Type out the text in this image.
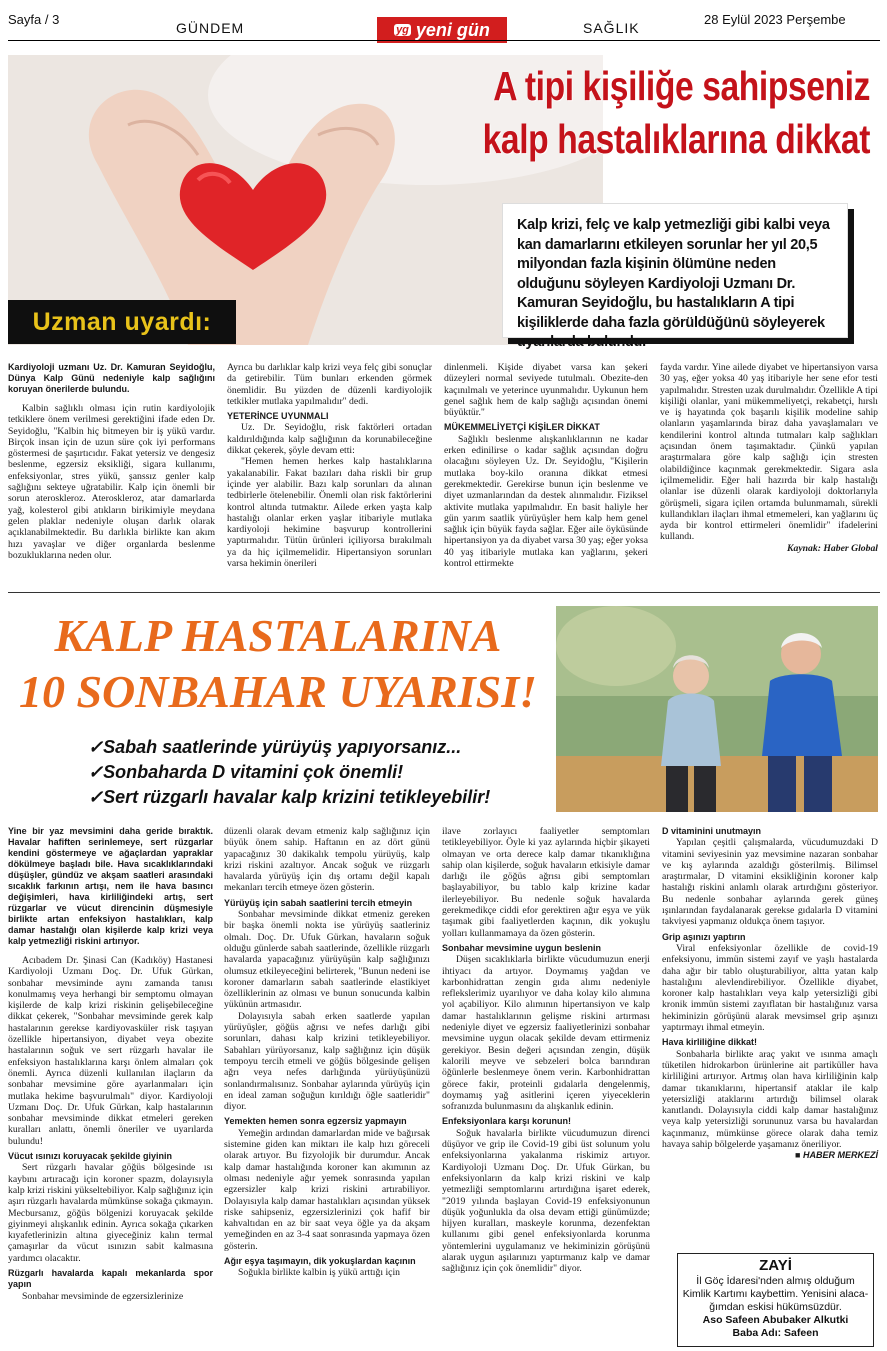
Sayfa / 3
GÜNDEM	yg yeni gün	SAĞLIK
28 Eylül 2023 Perşembe
A tipi kişiliğe sahipseniz
kalp hastalıklarına dikkat
Kalp krizi, felç ve kalp yetmezliği gibi kalbi veya kan damarlarını etkileyen sorunlar her yıl 20,5 milyondan fazla kişinin ölümüne neden olduğunu söyleyen Kardiyoloji Uzmanı Dr. Kamuran Seyidoğlu, bu hastalıkların A tipi kişiliklerde daha fazla görüldüğünü söyleyerek uyarılarda bulundu.
Uzman uyardı:

Kardiyoloji uzmanı Uz. Dr. Kamuran Seyidoğlu, Dünya Kalp Günü nedeniyle kalp sağlığını koruyan önerilerde bulundu.

Kalbin sağlıklı olması için rutin kardiyolojik tetkiklere önem verilmesi gerektiğini ifade eden Dr. Seyidoğlu, "Kalbin hiç bitmeyen bir iş yükü vardır. Birçok insan için de uzun süre çok iyi performans göstermesi de şaşırtıcıdır. Fakat yetersiz ve dengesiz beslenme, egzersiz eksikliği, sigara kullanımı, enfeksiyonlar, stres yükü, şanssız genler kalp sağlığını sekteye uğratabilir. Kalp için önemli bir sorun ateroskleroz. Ateroskleroz, atar damarlarda yağ, kolesterol gibi atıkların birikimiyle meydana gelen plaklar nedeniyle oluşan darlık olarak açıklanabilmektedir. Bu darlıkla birlikte kan akım hızı yavaşlar ve diğer organlarda beslenme bozukluklarına neden olur.

Ayrıca bu darlıklar kalp krizi veya felç gibi sonuçlar da getirebilir. Tüm bunları erkenden görmek önemlidir. Bu yüzden de düzenli kardiyolojik tetkikler mutlaka yapılmalıdır" dedi.

YETERİNCE UYUNMALI

Uz. Dr. Seyidoğlu, risk faktörleri ortadan kaldırıldığında kalp sağlığının da korunabileceğine dikkat çekerek, şöyle devam etti:

"Hemen hemen herkes kalp hastalıklarına yakalanabilir. Fakat bazıları daha riskli bir grup içinde yer alabilir. Bazı kalp sorunları da alınan tedbirlerle ötelenebilir. Önemli olan risk faktörlerini kontrol altında tutmaktır. Ailede erken yaşta kalp hastalığı olanlar erken yaşlar itibariyle mutlaka kardiyoloji hekimine başvurup kontrollerini yaptırmalıdır. Tütün ürünleri içiliyorsa bırakılmalı ya da hiç içilmemelidir. Hipertansiyon sorunları varsa hekimin önerileri

dinlenmeli. Kişide diyabet varsa kan şekeri düzeyleri normal seviyede tutulmalı. Obezite-den kaçınılmalı ve yeterince uyunmalıdır. Uykunun hem genel sağlık hem de kalp sağlığı açısından önemi büyüktür."

MÜKEMMELİYETÇİ KİŞİLER DİKKAT

Sağlıklı beslenme alışkanlıklarının ne kadar erken edinilirse o kadar sağlık açısından doğru olacağını söyleyen Uz. Dr. Seyidoğlu, "Kişilerin mutlaka boy-kilo oranına dikkat etmesi gerekmektedir. Gerekirse bunun için beslenme ve diyet uzmanlarından da destek alınmalıdır. Fiziksel aktivite mutlaka yapılmalıdır. En basit haliyle her gün yarım saatlik yürüyüşler hem kalp hem genel sağlık için büyük fayda sağlar. Eğer aile öyküsünde hipertansiyon ya da diyabet varsa 30 yaş; eğer yoksa 40 yaş itibariyle mutlaka kan yağlarını, şekeri kontrol ettirmekte

fayda vardır. Yine ailede diyabet ve hipertansiyon varsa 30 yaş, eğer yoksa 40 yaş itibariyle her sene efor testi yapılmalıdır. Stresten uzak durulmalıdır. Özellikle A tipi kişiliği olanlar, yani mükemmeliyetçi, rekabetçi, hırslı ve iş hayatında çok başarılı kişilik modeline sahip olanların yaşamlarında biraz daha yavaşlamaları ve kendilerini kontrol altında tutmaları kalp sağlıkları açısından önem taşımaktadır. Çünkü yapılan araştırmalara göre kalp sağlığı için stresten olabildiğince kaçınmak gerekmektedir. Sigara asla içilmemelidir. Eğer hali hazırda bir kalp hastalığı olanlar ise düzenli olarak kardiyoloji doktorlarıyla görüşmeli, sigara içilen ortamda bulunmamalı, sürekli kullandıkları ilaçları ihmal etmemeleri, kan yağlarını üç ayda bir kontrol ettirmeleri önemlidir" ifadelerini kullandı.

Kaynak: Haber Global

KALP HASTALARINA
10 SONBAHAR UYARISI!
✓Sabah saatlerinde yürüyüş yapıyorsanız...
✓Sonbaharda D vitamini çok önemli!
✓Sert rüzgarlı havalar kalp krizini tetikleyebilir!

Yine bir yaz mevsimini daha geride bıraktık. Havalar hafiften serinlemeye, sert rüzgarlar kendini göstermeye ve ağaçlardan yapraklar dökülmeye başladı bile. Hava sıcaklıklarındaki düşüşler, gündüz ve akşam saatleri arasındaki sıcaklık farkının artışı, nem ile hava basıncı değişimleri, hava kirliliğindeki artış, sert rüzgarlar ve vücut direncinin düşmesiyle birlikte artan enfeksiyon hastalıkları, kalp damar hastalığı olan kişilerde kalp krizi veya kalp yetmezliği riskini artırıyor.

Acıbadem Dr. Şinasi Can (Kadıköy) Hastanesi Kardiyoloji Uzmanı Doç. Dr. Ufuk Gürkan, sonbahar mevsiminde aynı zamanda tanısı konulmamış veya herhangi bir semptomu olmayan kişilerde de kalp krizi riskinin gelişebileceğine dikkat çekerek, "Sonbahar mevsiminde gerek kalp hastalarının gerekse kardiyovasküler risk taşıyan özellikle hipertansiyon, diyabet veya obezite hastalarının soğuk ve sert rüzgarlı havalar ile enfeksiyon hastalıklarına karşı önlem almaları çok önemli. Ayrıca düzenli kullanılan ilaçların da sonbahar mevsimine göre ayarlanmaları için mutlaka hekime başvurulmalı" diyor. Kardiyoloji Uzmanı Doç. Dr. Ufuk Gürkan, kalp hastalarının sonbahar mevsiminde dikkat etmeleri gereken kuralları anlattı, önemli öneriler ve uyarılarda bulundu!

Vücut ısınızı koruyacak şekilde giyinin

Sert rüzgarlı havalar göğüs bölgesinde ısı kaybını artıracağı için koroner spazm, dolayısıyla kalp krizi riskini yükseltebiliyor. Kalp sağlığınız için aşırı rüzgarlı havalarda mümkünse sokağa çıkmayın. Mecbursanız, göğüs bölgenizi koruyacak şekilde giyinmeyi alışkanlık edinin. Ayrıca sokağa çıkarken kıyafetlerinizin altına giyeceğiniz kalın termal çamaşırlar da vücut ısınızın sabit kalmasına yardımcı olacaktır.

Rüzgarlı havalarda kapalı mekanlarda spor yapın

Sonbahar mevsiminde de egzersizlerinize

düzenli olarak devam etmeniz kalp sağlığınız için büyük önem sahip. Haftanın en az dört günü yapacağınız 30 dakikalık tempolu yürüyüş, kalp krizi riskini azaltıyor. Ancak soğuk ve rüzgarlı havalarda yürüyüş için dış ortamı değil kapalı mekanları tercih etmeye özen gösterin.

Yürüyüş için sabah saatlerini tercih etmeyin

Sonbahar mevsiminde dikkat etmeniz gereken bir başka önemli nokta ise yürüyüş saatleriniz olmalı. Doç. Dr. Ufuk Gürkan, havaların soğuk olduğu günlerde sabah saatlerinde, özellikle rüzgarlı havalarda yapacağınız yürüyüşün kalp sağlığınızı olumsuz etkileyeceğini belirterek, "Bunun nedeni ise koroner damarların sabah saatlerinde elastikiyet özelliklerinin az olması ve bunun sonucunda kalbin yükünün artmasıdır.

Dolayısıyla sabah erken saatlerde yapılan yürüyüşler, göğüs ağrısı ve nefes darlığı gibi sorunları, dahası kalp krizini tetikleyebiliyor. Sabahları yürüyorsanız, kalp sağlığınız için düşük tempoyu tercih etmeli ve göğüs bölgesinde gelişen ağrı veya nefes darlığında yürüyüşünüzü sonlandırmalısınız. Sonbahar aylarında yürüyüş için en ideal zaman soğuğun kırıldığı öğle saatleridir" diyor.

Yemekten hemen sonra egzersiz yapmayın

Yemeğin ardından damarlardan mide ve bağırsak sistemine giden kan miktarı ile kalp hızı göreceli olarak artıyor. Bu fizyolojik bir durumdur. Ancak kalp damar hastalığında koroner kan akımının az olması nedeniyle ağır yemek sonrasında yapılan egzersizler kalp krizi riskini artırabiliyor. Dolayısıyla kalp damar hastalıkları açısından yüksek riske sahipseniz, egzersizlerinizi çok hafif bir kahvaltıdan en az bir saat veya öğle ya da akşam yemeğinden en az 3-4 saat sonrasında yapmaya özen gösterin.

Ağır eşya taşımayın, dik yokuşlardan kaçının

Soğukla birlikte kalbin iş yükü arttığı için

ilave zorlayıcı faaliyetler semptomları tetikleyebiliyor. Öyle ki yaz aylarında hiçbir şikayeti olmayan ve orta derece kalp damar tıkanıklığına sahip olan kişilerde, soğuk havaların etkisiyle damar darlığı ile göğüs ağrısı gibi semptomları başlayabiliyor, bu tablo kalp krizine kadar ilerleyebiliyor. Bu nedenle soğuk havalarda gerekmedikçe ciddi efor gerektiren ağır eşya ve yük taşımak gibi faaliyetlerden kaçının, dik yokuşlu yolları kullanmamaya da özen gösterin.

Sonbahar mevsimine uygun beslenin

Düşen sıcaklıklarla birlikte vücudumuzun enerji ihtiyacı da artıyor. Doymamış yağdan ve karbonhidrattan zengin gıda alımı nedeniyle reflekslerimiz uyarılıyor ve daha kolay kilo alımına yol açabiliyor. Kilo alımının hipertansiyon ve kalp damar hastalıklarının gelişme riskini artırması nedeniyle diyet ve egzersiz faaliyetlerinizi sonbahar mevsimine uygun olacak şekilde devam ettirmeniz gerekiyor. Besin değeri açısından zengin, düşük kalorili meyve ve sebzeleri bolca barındıran öğünlerle beslenmeye önem verin. Karbonhidrattan görece fakir, proteinli gıdalarla dengelenmiş, doymamış yağ asitlerini içeren yiyeceklerin sofranızda bulunmasını da alışkanlık edinin.

Enfeksiyonlara karşı korunun!

Soğuk havalarla birlikte vücudumuzun direnci düşüyor ve grip ile Covid-19 gibi üst solunum yolu enfeksiyonlarına yakalanma riskimiz artıyor. Kardiyoloji Uzmanı Doç. Dr. Ufuk Gürkan, bu enfeksiyonların da kalp krizi riskini ve kalp yetmezliği semptomlarını artırdığına işaret ederek, "2019 yılında başlayan Covid-19 enfeksiyonunun düşük yoğunlukla da olsa devam ettiği günümüzde; hijyen kuralları, maskeyle korunma, dezenfektan kullanımı gibi genel enfeksiyonlarda korunma yöntemlerini uygulamanız ve hekiminizin görüşünü alarak uygun aşılarınızı yaptırmanız kalp ve damar sağlığınız için çok önemlidir" diyor.

D vitaminini unutmayın

Yapılan çeşitli çalışmalarda, vücudumuzdaki D vitamini seviyesinin yaz mevsimine nazaran sonbahar ve kış aylarında azaldığı gösterilmiş. Bilimsel araştırmalar, D vitamini eksikliğinin koroner kalp hastalığı riskini anlamlı olarak artırdığını gösteriyor. Bu nedenle sonbahar aylarında gerek güneş ışınlarından faydalanarak gerekse gıdalarla D vitamini takviyesi yapmanız oldukça önem taşıyor.

Grip aşınızı yaptırın

Viral enfeksiyonlar özellikle de covid-19 enfeksiyonu, immün sistemi zayıf ve yaşlı hastalarda daha ağır bir tablo oluşturabiliyor, altta yatan kalp hastalığını alevlendirebiliyor. Özellikle diyabet, koroner kalp hastalıkları veya kalp yetersizliği gibi kronik immün sistemi zayıflatan bir hastalığınız varsa hekiminizin görüşünü alarak mevsimsel grip aşınızı yaptırmayı ihmal etmeyin.

Hava kirliliğine dikkat!

Sonbaharla birlikte araç yakıt ve ısınma amaçlı tüketilen hidrokarbon ürünlerine ait partiküller hava kirliliğini artırıyor. Artmış olan hava kirliliğinin kalp damar tıkanıklarını, hipertansif ataklar ile kalp yetersizliği ataklarını artırdığı bilimsel olarak kanıtlandı. Dolayısıyla ciddi kalp damar hastalığınız veya kalp yetersizliği sorununuz varsa bu havalardan kaçınmanız, mümkünse görece olarak daha temiz havaya sahip bölgelerde yaşamanız öneriliyor.

■ HABER MERKEZİ

ZAYİ
İl Göç İdaresi'nden almış olduğum
Kimlik Kartımı kaybettim. Yenisini alaca-
ğımdan eskisi hükümsüzdür.
Aso Safeen Abubaker Alkutki
Baba Adı: Safeen
